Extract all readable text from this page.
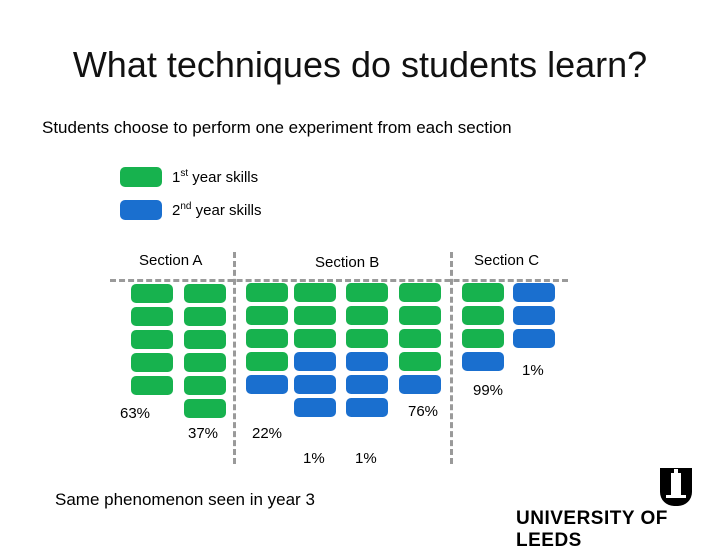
What techniques do students learn?
Students choose to perform one experiment from each section
1st year skills
2nd year skills
Section A	Section B	Section C
63%
37% 22%
1% 1%
76%
99%
1%
Same phenomenon seen in year 3
UNIVERSITY OF LEEDS
